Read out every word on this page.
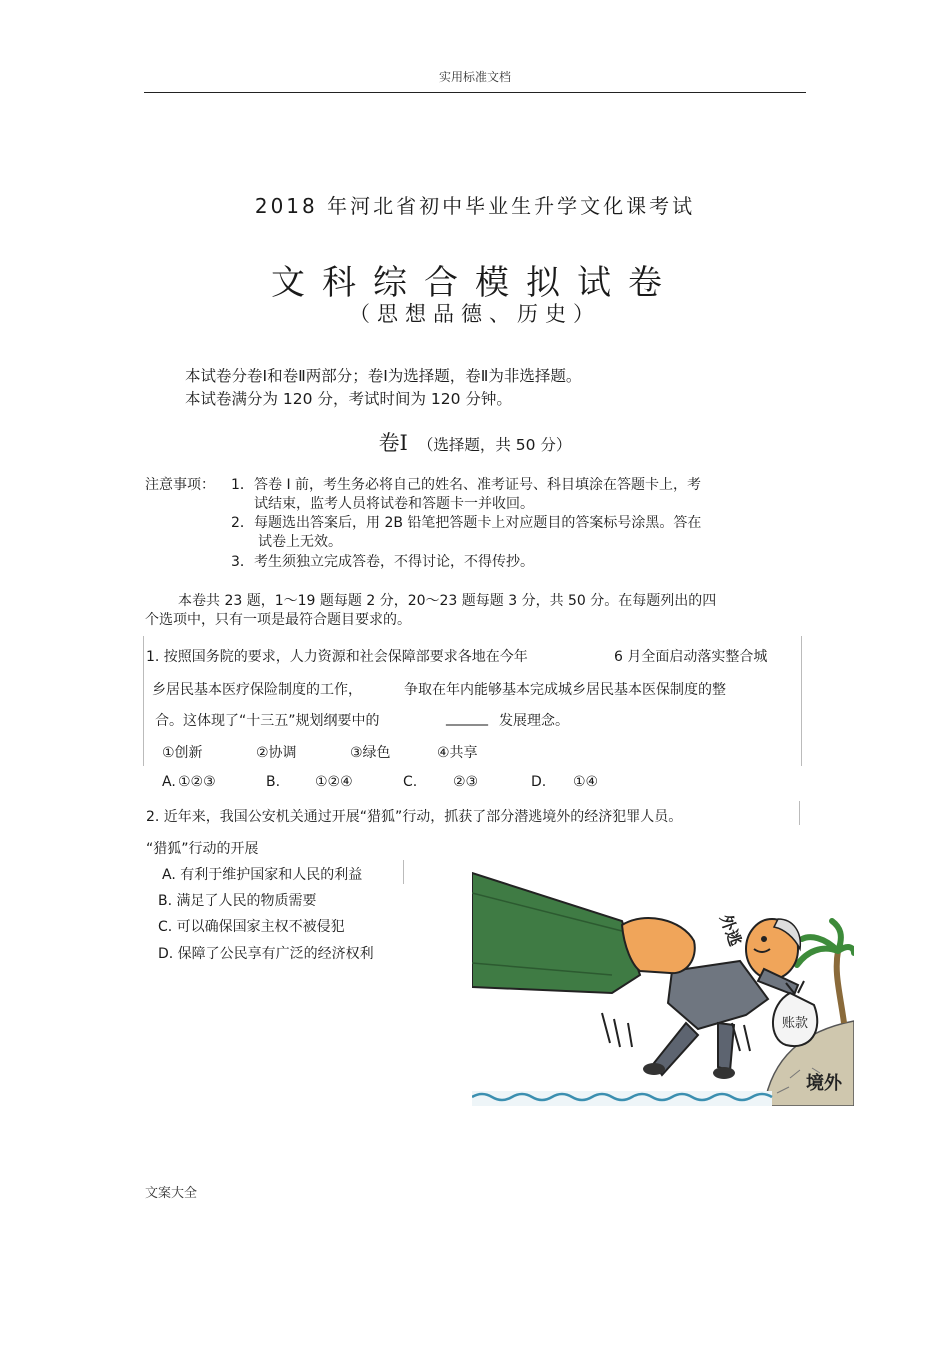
实用标准文档
2018 年河北省初中毕业生升学文化课考试
文科综合模拟试卷
（思想品德、历史）
本试卷分卷Ⅰ和卷Ⅱ两部分；卷Ⅰ为选择题，卷Ⅱ为非选择题。
本试卷满分为 120 分，考试时间为 120 分钟。
卷Ⅰ （选择题，共 50 分）
注意事项： 1． 答卷 Ⅰ 前，考生务必将自己的姓名、准考证号、科目填涂在答题卡上，考
试结束，监考人员将试卷和答题卡一并收回。
2． 每题选出答案后，用 2B 铅笔把答题卡上对应题目的答案标号涂黑。答在
试卷上无效。
3． 考生须独立完成答卷，不得讨论，不得传抄。
本卷共 23 题，1～19 题每题 2 分，20～23 题每题 3 分，共 50 分。在每题列出的四
个选项中，只有一项是最符合题目要求的。
1. 按照国务院的要求，人力资源和社会保障部要求各地在今年	6 月全面启动落实整合城
乡居民基本医疗保险制度的工作，	争取在年内能够基本完成城乡居民基本医保制度的整
合。这体现了“十三五”规划纲要中的	______ 发展理念。
①创新	②协调	③绿色	④共享
A. ①②③	B. ①②④	C.	②③	D. ①④
2. 近年来，我国公安机关通过开展“猎狐”行动，抓获了部分潜逃境外的经济犯罪人员。
“猎狐”行动的开展
A. 有利于维护国家和人民的利益
B. 满足了人民的物质需要
C. 可以确保国家主权不被侵犯
D. 保障了公民享有广泛的经济权利
外逃
账款
境外
文案大全
